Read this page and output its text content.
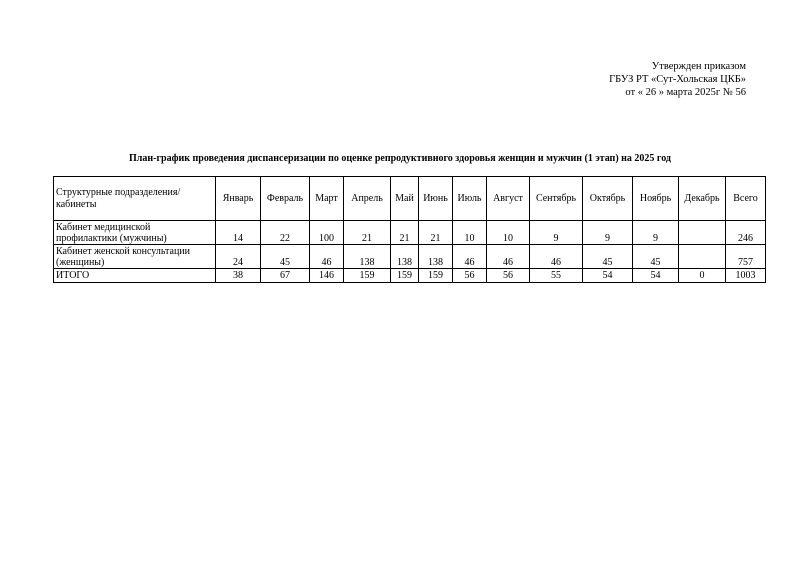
Утвержден приказом
ГБУЗ РТ «Сут-Хольская ЦКБ»
от « 26 » марта 2025г № 56
План-график проведения диспансеризации по оценке репродуктивного здоровья женщин и мужчин (1 этап) на 2025 год
Структурные подразделения/ кабинеты	Январь	Февраль	Март	Апрель	Май	Июнь	Июль	Август	Сентябрь	Октябрь	Ноябрь	Декабрь	Всего
Кабинет медицинской профилактики (мужчины)	14	22	100	21	21	21	10	10	9	9	9		246
Кабинет женской консультации (женщины)	24	45	46	138	138	138	46	46	46	45	45		757
ИТОГО	38	67	146	159	159	159	56	56	55	54	54	0	1003
